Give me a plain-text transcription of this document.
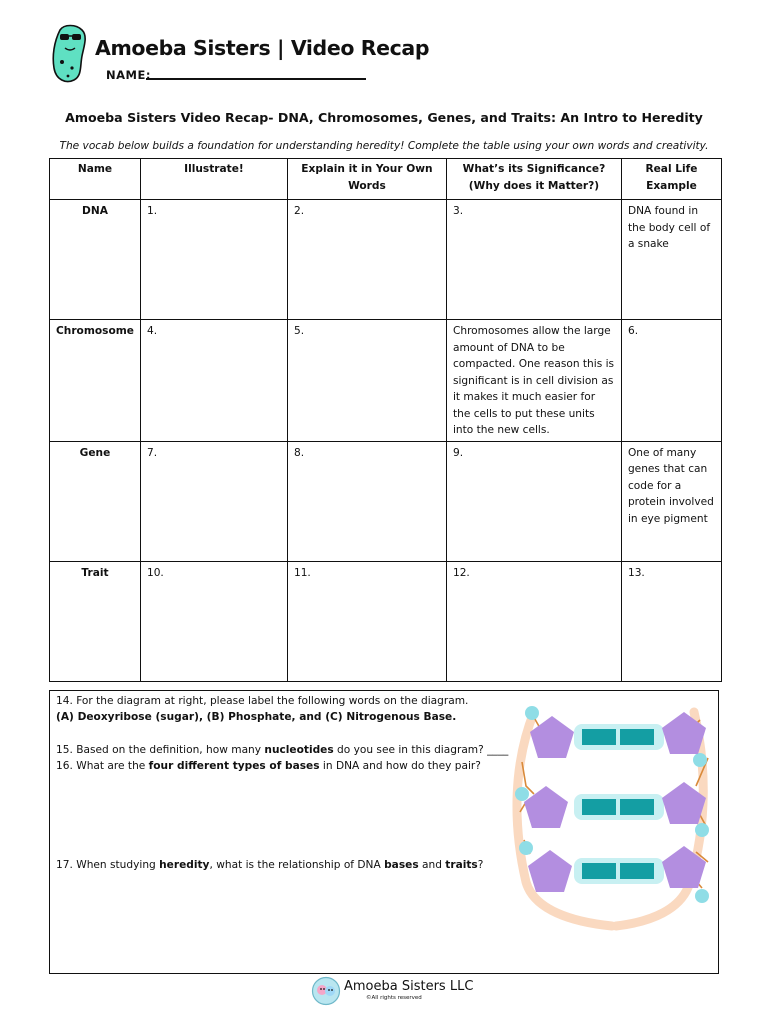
Amoeba Sisters | Video Recap
NAME:
Amoeba Sisters Video Recap- DNA, Chromosomes, Genes, and Traits: An Intro to Heredity
The vocab below builds a foundation for understanding heredity! Complete the table using your own words and creativity.
Name	Illustrate!	Explain it in Your Own Words	What’s its Significance? (Why does it Matter?)	Real Life Example
DNA	1.	2.	3.	DNA found in the body cell of a snake
Chromosome	4.	5.	Chromosomes allow the large amount of DNA to be compacted. One reason this is significant is in cell division as it makes it much easier for the cells to put these units into the new cells.	6.
Gene	7.	8.	9.	One of many genes that can code for a protein involved in eye pigment
Trait	10.	11.	12.	13.
14. For the diagram at right, please label the following words on the diagram.
(A) Deoxyribose (sugar), (B) Phosphate, and (C) Nitrogenous Base.
15. Based on the definition, how many nucleotides do you see in this diagram? ____
16. What are the four different types of bases in DNA and how do they pair?
17. When studying heredity, what is the relationship of DNA bases and traits?
Amoeba Sisters LLC
©All rights reserved
